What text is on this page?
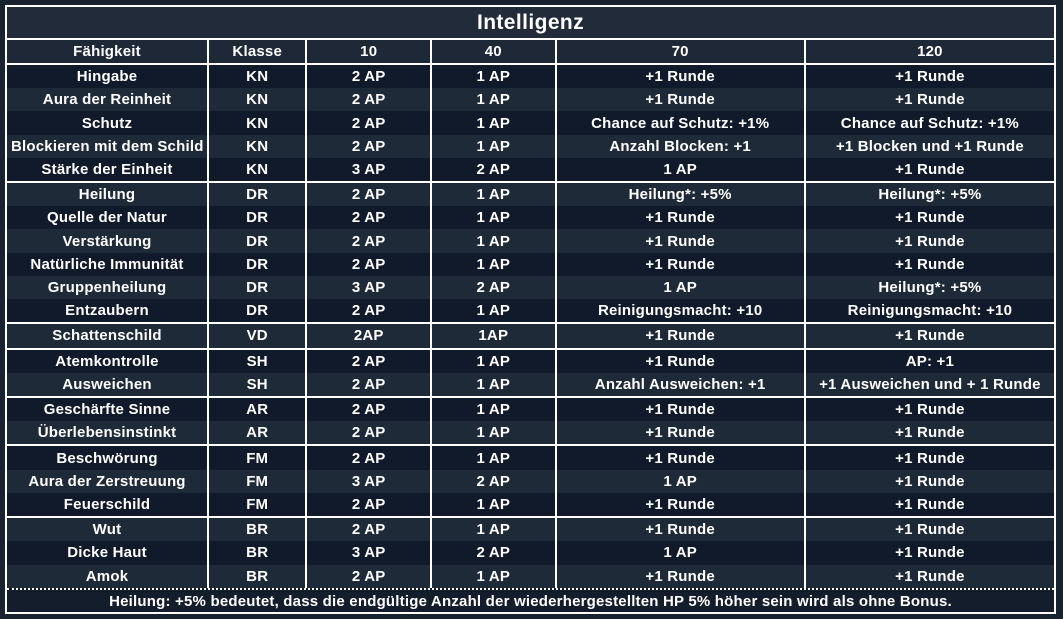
Intelligenz
Fähigkeit	Klasse	10	40	70	120
Hingabe	KN	2 AP	1 AP	+1 Runde	+1 Runde
Aura der Reinheit	KN	2 AP	1 AP	+1 Runde	+1 Runde
Schutz	KN	2 AP	1 AP	Chance auf Schutz: +1%	Chance auf Schutz: +1%
Blockieren mit dem Schild	KN	2 AP	1 AP	Anzahl Blocken: +1	+1 Blocken und +1 Runde
Stärke der Einheit	KN	3 AP	2 AP	1 AP	+1 Runde
Heilung	DR	2 AP	1 AP	Heilung*: +5%	Heilung*: +5%
Quelle der Natur	DR	2 AP	1 AP	+1 Runde	+1 Runde
Verstärkung	DR	2 AP	1 AP	+1 Runde	+1 Runde
Natürliche Immunität	DR	2 AP	1 AP	+1 Runde	+1 Runde
Gruppenheilung	DR	3 AP	2 AP	1 AP	Heilung*: +5%
Entzaubern	DR	2 AP	1 AP	Reinigungsmacht: +10	Reinigungsmacht: +10
Schattenschild	VD	2AP	1AP	+1 Runde	+1 Runde
Atemkontrolle	SH	2 AP	1 AP	+1 Runde	AP: +1
Ausweichen	SH	2 AP	1 AP	Anzahl Ausweichen: +1	+1 Ausweichen und + 1 Runde
Geschärfte Sinne	AR	2 AP	1 AP	+1 Runde	+1 Runde
Überlebensinstinkt	AR	2 AP	1 AP	+1 Runde	+1 Runde
Beschwörung	FM	2 AP	1 AP	+1 Runde	+1 Runde
Aura der Zerstreuung	FM	3 AP	2 AP	1 AP	+1 Runde
Feuerschild	FM	2 AP	1 AP	+1 Runde	+1 Runde
Wut	BR	2 AP	1 AP	+1 Runde	+1 Runde
Dicke Haut	BR	3 AP	2 AP	1 AP	+1 Runde
Amok	BR	2 AP	1 AP	+1 Runde	+1 Runde
Heilung: +5% bedeutet, dass die endgültige Anzahl der wiederhergestellten HP 5% höher sein wird als ohne Bonus.
